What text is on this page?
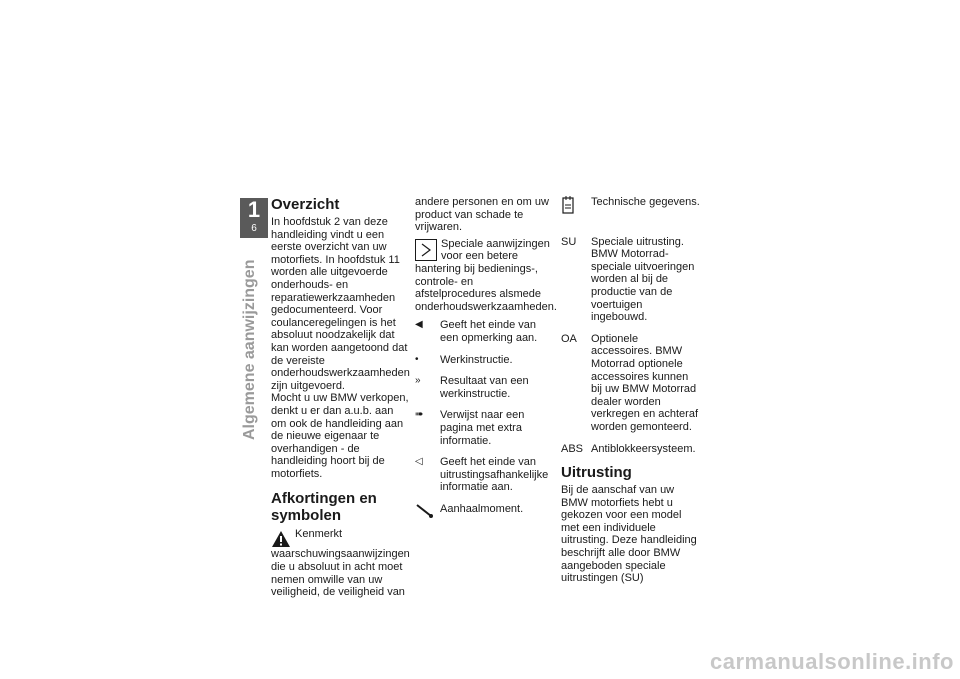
1
6
Algemene aanwijzingen
Overzicht

In hoofdstuk 2 van deze handleiding vindt u een eerste overzicht van uw motorfiets. In hoofdstuk 11 worden alle uitgevoerde onderhouds- en reparatiewerkzaamheden gedocumenteerd. Voor coulanceregelingen is het absoluut noodzakelijk dat kan worden aangetoond dat de vereiste onderhoudswerkzaamheden zijn uitgevoerd.

Mocht u uw BMW verkopen, denkt u er dan a.u.b. aan om ook de handleiding aan de nieuwe eigenaar te overhandigen - de handleiding hoort bij de motorfiets.

Afkortingen en symbolen

Kenmerkt waarschuwingsaanwijzingen die u absoluut in acht moet nemen omwille van uw veiligheid, de veiligheid van

andere personen en om uw product van schade te vrijwaren.

Speciale aanwijzingen voor een betere hantering bij bedienings-, controle- en afstelprocedures alsmede onderhoudswerkzaamheden.

◀	Geeft het einde van een opmerking aan.
•	Werkinstructie.
»	Resultaat van een werkinstructie.
➠	Verwijst naar een pagina met extra informatie.
◁	Geeft het einde van uitrustingsafhankelijke informatie aan.
Aanhaalmoment.
Technische gegevens.
SU	Speciale uitrusting. BMW Motorrad-speciale uitvoeringen worden al bij de productie van de voertuigen ingebouwd.
OA	Optionele accessoires. BMW Motorrad optionele accessoires kunnen bij uw BMW Motorrad dealer worden verkregen en achteraf worden gemonteerd.
ABS Antiblokkeersysteem.
Uitrusting

Bij de aanschaf van uw BMW motorfiets hebt u gekozen voor een model met een individuele uitrusting. Deze handleiding beschrijft alle door BMW aangeboden speciale uitrustingen (SU)

carmanualsonline.info
